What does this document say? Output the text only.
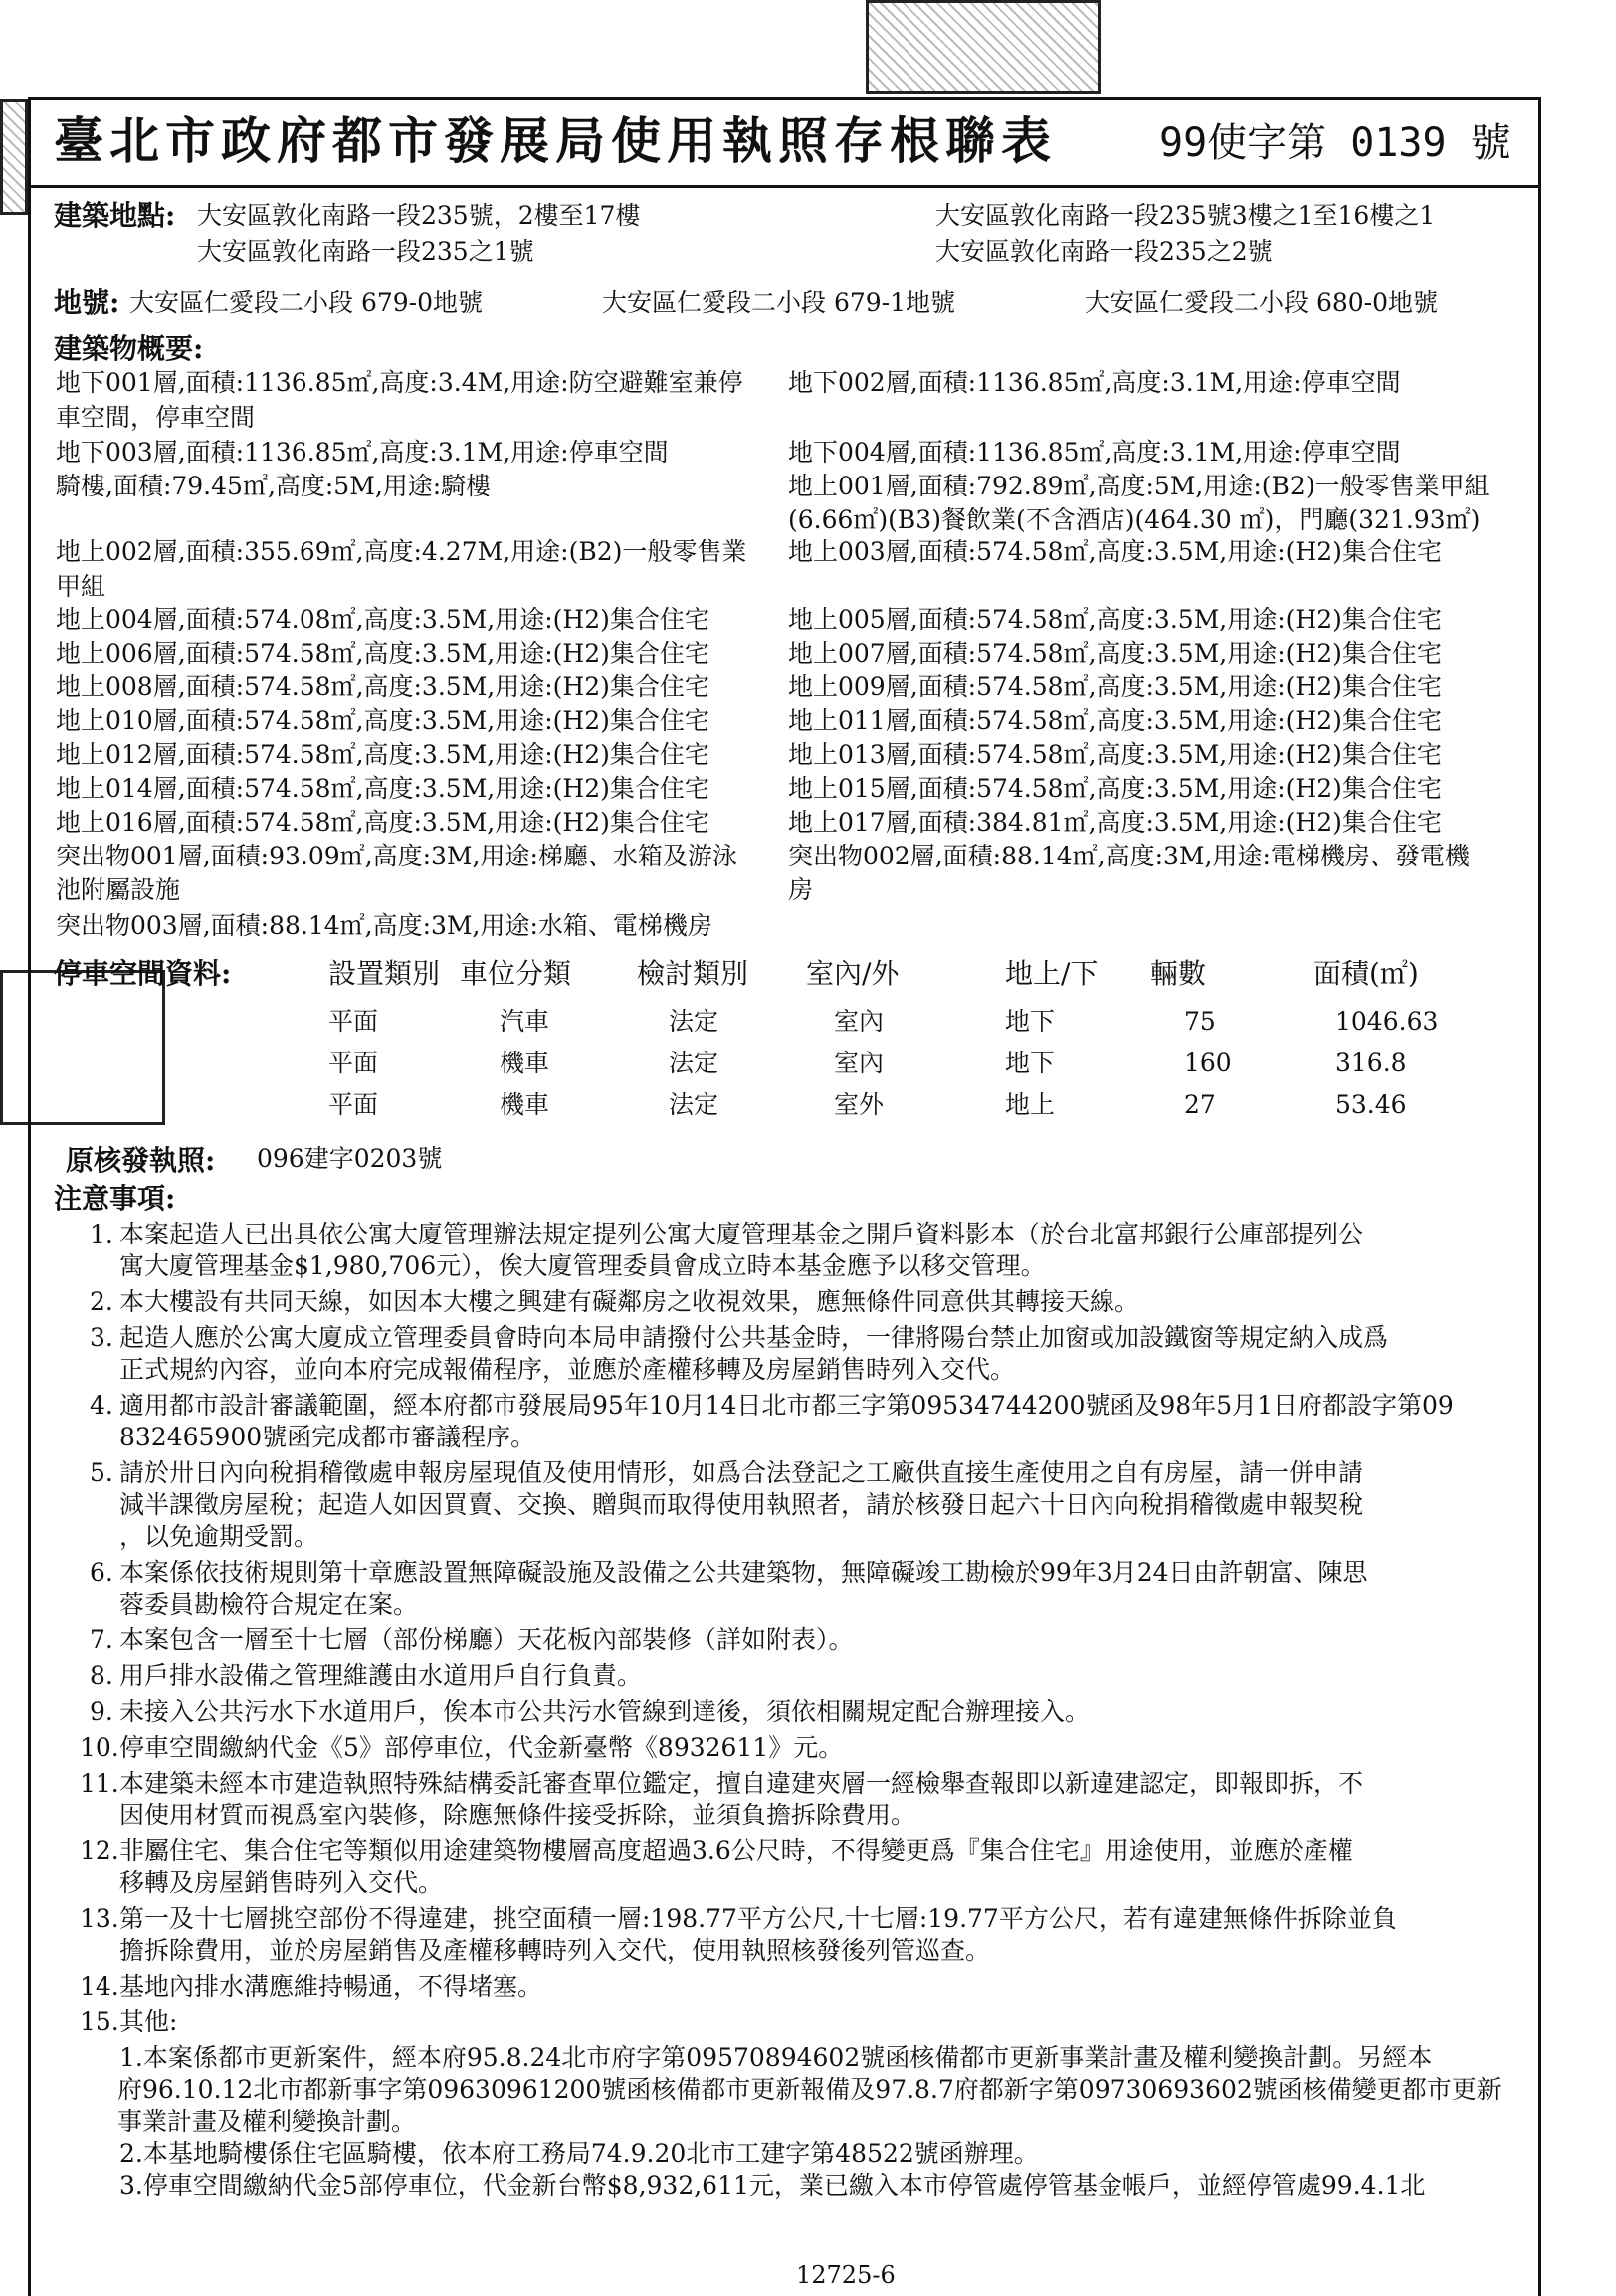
臺北市政府都市發展局使用執照存根聯表	99使字第 0139 號
建築地點: 大安區敦化南路一段235號，2樓至17樓	大安區敦化南路一段235號3樓之1至16樓之1
大安區敦化南路一段235之1號	大安區敦化南路一段235之2號
地號: 大安區仁愛段二小段 679-0地號	大安區仁愛段二小段 679-1地號	大安區仁愛段二小段 680-0地號
建築物概要:
地下001層,面積:1136.85㎡,高度:3.4M,用途:防空避難室兼停 地下002層,面積:1136.85㎡,高度:3.1M,用途:停車空間
車空間，停車空間
地下003層,面積:1136.85㎡,高度:3.1M,用途:停車空間	地下004層,面積:1136.85㎡,高度:3.1M,用途:停車空間
騎樓,面積:79.45㎡,高度:5M,用途:騎樓	地上001層,面積:792.89㎡,高度:5M,用途:(B2)一般零售業甲組
(6.66㎡)(B3)餐飲業(不含酒店)(464.30 ㎡)，門廳(321.93㎡)
地上002層,面積:355.69㎡,高度:4.27M,用途:(B2)一般零售業 地上003層,面積:574.58㎡,高度:3.5M,用途:(H2)集合住宅
甲組
地上004層,面積:574.08㎡,高度:3.5M,用途:(H2)集合住宅	地上005層,面積:574.58㎡,高度:3.5M,用途:(H2)集合住宅
地上006層,面積:574.58㎡,高度:3.5M,用途:(H2)集合住宅	地上007層,面積:574.58㎡,高度:3.5M,用途:(H2)集合住宅
地上008層,面積:574.58㎡,高度:3.5M,用途:(H2)集合住宅	地上009層,面積:574.58㎡,高度:3.5M,用途:(H2)集合住宅
地上010層,面積:574.58㎡,高度:3.5M,用途:(H2)集合住宅	地上011層,面積:574.58㎡,高度:3.5M,用途:(H2)集合住宅
地上012層,面積:574.58㎡,高度:3.5M,用途:(H2)集合住宅	地上013層,面積:574.58㎡,高度:3.5M,用途:(H2)集合住宅
地上014層,面積:574.58㎡,高度:3.5M,用途:(H2)集合住宅	地上015層,面積:574.58㎡,高度:3.5M,用途:(H2)集合住宅
地上016層,面積:574.58㎡,高度:3.5M,用途:(H2)集合住宅	地上017層,面積:384.81㎡,高度:3.5M,用途:(H2)集合住宅
突出物001層,面積:93.09㎡,高度:3M,用途:梯廳、水箱及游泳 突出物002層,面積:88.14㎡,高度:3M,用途:電梯機房、發電機
池附屬設施	房
突出物003層,面積:88.14㎡,高度:3M,用途:水箱、電梯機房
停車空間資料:	設置類別 車位分類 檢討類別 室內/外	地上/下 輛數	面積(㎡)
平面	汽車	法定	室內	地下	75	1046.63
平面	機車	法定	室內	地下	160	316.8
平面	機車	法定	室外	地上	27	53.46
原核發執照: 096建字0203號
注意事項:
1. 本案起造人已出具依公寓大廈管理辦法規定提列公寓大廈管理基金之開戶資料影本（於台北富邦銀行公庫部提列公
寓大廈管理基金$1,980,706元），俟大廈管理委員會成立時本基金應予以移交管理。
2. 本大樓設有共同天線，如因本大樓之興建有礙鄰房之收視效果，應無條件同意供其轉接天線。
3. 起造人應於公寓大廈成立管理委員會時向本局申請撥付公共基金時，一律將陽台禁止加窗或加設鐵窗等規定納入成爲
正式規約內容，並向本府完成報備程序，並應於產權移轉及房屋銷售時列入交代。
4. 適用都市設計審議範圍，經本府都市發展局95年10月14日北市都三字第09534744200號函及98年5月1日府都設字第09
832465900號函完成都市審議程序。
5. 請於卅日內向稅捐稽徵處申報房屋現值及使用情形，如爲合法登記之工廠供直接生產使用之自有房屋，請一併申請
減半課徵房屋稅；起造人如因買賣、交換、贈與而取得使用執照者，請於核發日起六十日內向稅捐稽徵處申報契稅
，以免逾期受罰。
6. 本案係依技術規則第十章應設置無障礙設施及設備之公共建築物，無障礙竣工勘檢於99年3月24日由許朝富、陳思
蓉委員勘檢符合規定在案。
7. 本案包含一層至十七層（部份梯廳）天花板內部裝修（詳如附表）。
8. 用戶排水設備之管理維護由水道用戶自行負責。
9. 未接入公共污水下水道用戶，俟本市公共污水管線到達後，須依相關規定配合辦理接入。
10. 停車空間繳納代金《5》部停車位，代金新臺幣《8932611》元。
11. 本建築未經本市建造執照特殊結構委託審查單位鑑定，擅自違建夾層一經檢舉查報即以新違建認定，即報即拆，不
因使用材質而視爲室內裝修，除應無條件接受拆除，並須負擔拆除費用。
12. 非屬住宅、集合住宅等類似用途建築物樓層高度超過3.6公尺時，不得變更爲『集合住宅』用途使用，並應於產權
移轉及房屋銷售時列入交代。
13. 第一及十七層挑空部份不得違建，挑空面積一層:198.77平方公尺,十七層:19.77平方公尺，若有違建無條件拆除並負
擔拆除費用，並於房屋銷售及產權移轉時列入交代，使用執照核發後列管巡查。
14. 基地內排水溝應維持暢通，不得堵塞。
15. 其他:
1.本案係都市更新案件，經本府95.8.24北市府字第09570894602號函核備都市更新事業計畫及權利變換計劃。另經本
府96.10.12北市都新事字第09630961200號函核備都市更新報備及97.8.7府都新字第09730693602號函核備變更都市更新
事業計畫及權利變換計劃。
2.本基地騎樓係住宅區騎樓，依本府工務局74.9.20北市工建字第48522號函辦理。
3.停車空間繳納代金5部停車位，代金新台幣$8,932,611元，業已繳入本市停管處停管基金帳戶，並經停管處99.4.1北
12725-6
